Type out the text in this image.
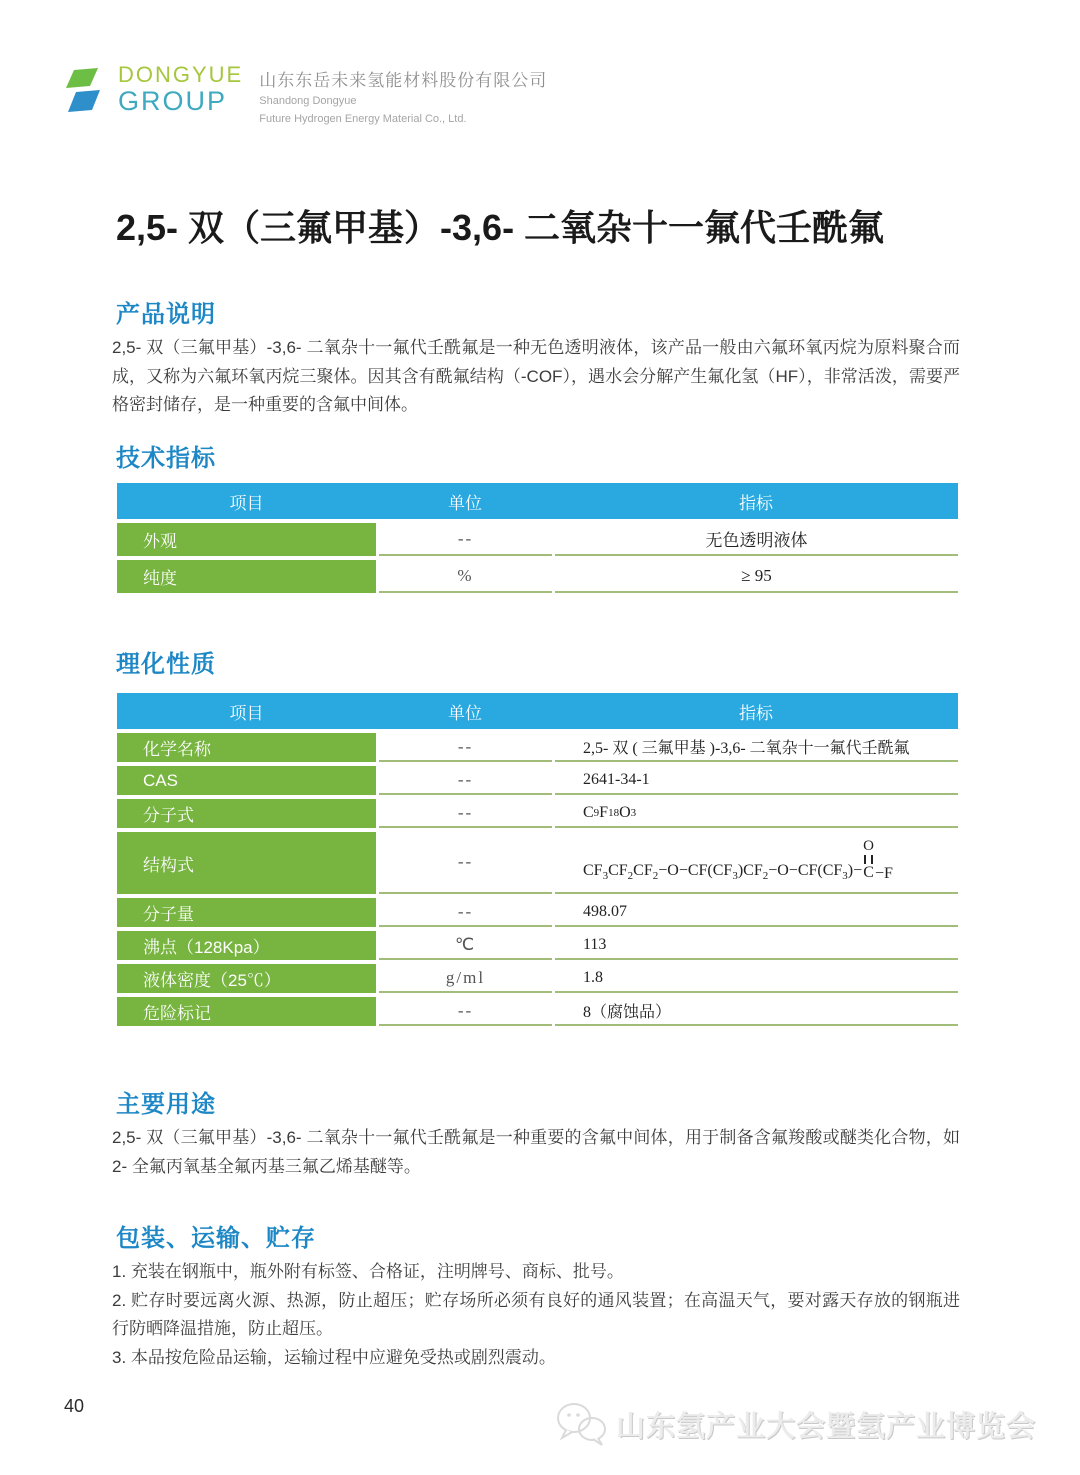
DONGYUE
GROUP
山东东岳未来氢能材料股份有限公司
Shandong Dongyue
Future Hydrogen Energy Material Co., Ltd.
2,5- 双（三氟甲基）-3,6- 二氧杂十一氟代壬酰氟
产品说明
2,5- 双（三氟甲基）-3,6- 二氧杂十一氟代壬酰氟是一种无色透明液体，该产品一般由六氟环氧丙烷为原料聚合而成，又称为六氟环氧丙烷三聚体。因其含有酰氟结构（-COF），遇水会分解产生氟化氢（HF），非常活泼，需要严格密封储存，是一种重要的含氟中间体。
技术指标
项目	单位	指标
外观	--	无色透明液体
纯度	%	≥ 95
理化性质
项目	单位	指标
化学名称	--	2,5- 双 ( 三氟甲基 )-3,6- 二氧杂十一氟代壬酰氟
CAS	--	2641-34-1
分子式	--	C 9 F 18 O 3
结构式	--	$CF_3CF_2CF_2-O-CF(CF_3)CF_2-O-CF(CF_3)-$
O
C −F
分子量	--	498.07
沸点（128Kpa）	℃	113
液体密度（25℃）	g/ml	1.8
危险标记	--	8（腐蚀品）
主要用途
2,5- 双（三氟甲基）-3,6- 二氧杂十一氟代壬酰氟是一种重要的含氟中间体，用于制备含氟羧酸或醚类化合物，如 2- 全氟丙氧基全氟丙基三氟乙烯基醚等。
包装、运输、贮存
1. 充装在钢瓶中，瓶外附有标签、合格证，注明牌号、商标、批号。
2. 贮存时要远离火源、热源，防止超压；贮存场所必须有良好的通风装置；在高温天气，要对露天存放的钢瓶进行防晒降温措施，防止超压。
3. 本品按危险品运输，运输过程中应避免受热或剧烈震动。
40
山东氢产业大会暨氢产业博览会
